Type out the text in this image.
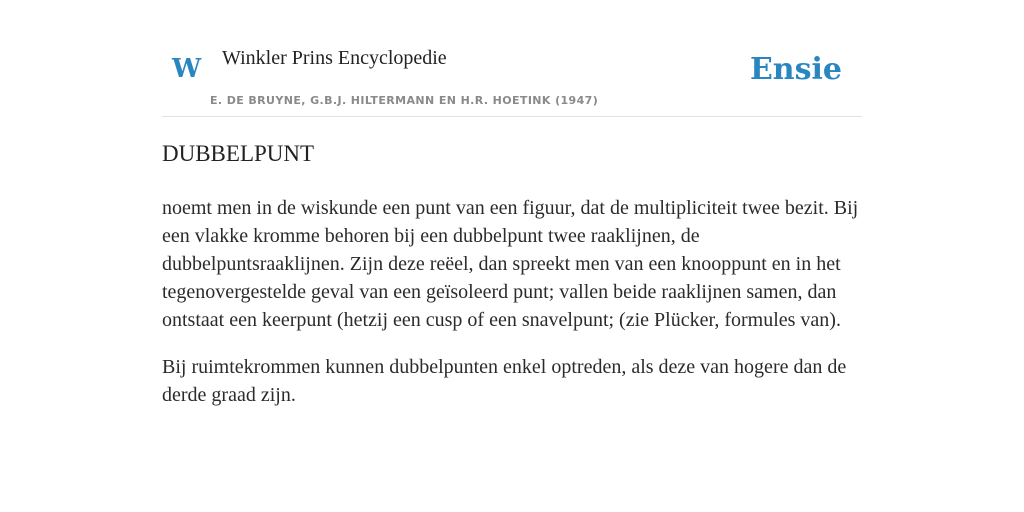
W Winkler Prins Encyclopedie
E. DE BRUYNE, G.B.J. HILTERMANN EN H.R. HOETINK (1947)
Ensie
DUBBELPUNT

noemt men in de wiskunde een punt van een figuur, dat de multipliciteit twee bezit. Bij een vlakke kromme behoren bij een dubbelpunt twee raaklijnen, de dubbelpuntsraaklijnen. Zijn deze reëel, dan spreekt men van een knooppunt en in het tegenovergestelde geval van een geïsoleerd punt; vallen beide raaklijnen samen, dan ontstaat een keerpunt (hetzij een cusp of een snavelpunt; (zie Plücker, formules van).

Bij ruimtekrommen kunnen dubbelpunten enkel optreden, als deze van hogere dan de derde graad zijn.
